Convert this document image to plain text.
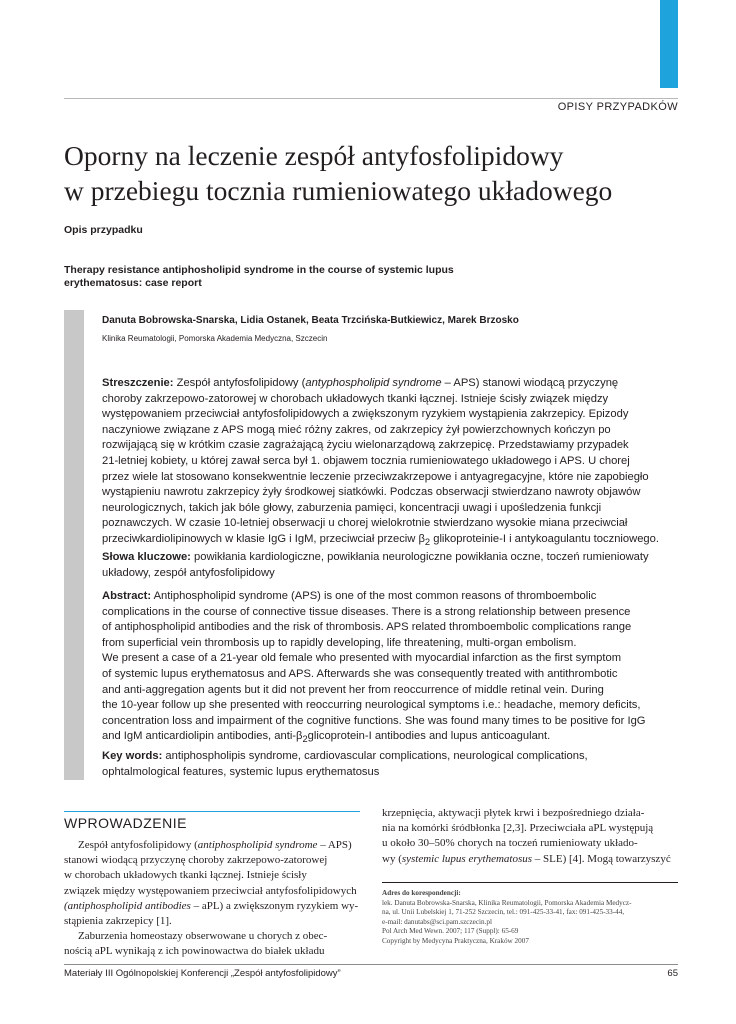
OPISY PRZYPADKÓW
Oporny na leczenie zespół antyfosfolipidowy
w przebiegu tocznia rumieniowatego układowego
Opis przypadku
Therapy resistance antiphosholipid syndrome in the course of systemic lupus
erythematosus: case report
Danuta Bobrowska-Snarska, Lidia Ostanek, Beata Trzcińska-Butkiewicz, Marek Brzosko
Klinika Reumatologii, Pomorska Akademia Medyczna, Szczecin
Streszczenie: Zespół antyfosfolipidowy (antyphospholipid syndrome – APS) stanowi wiodącą przyczynę
choroby zakrzepowo-zatorowej w chorobach układowych tkanki łącznej. Istnieje ścisły związek między
występowaniem przeciwciał antyfosfolipidowych a zwiększonym ryzykiem wystąpienia zakrzepicy. Epizody
naczyniowe związane z APS mogą mieć różny zakres, od zakrzepicy żył powierzchownych kończyn po
rozwijającą się w krótkim czasie zagrażającą życiu wielonarządową zakrzepicę. Przedstawiamy przypadek
21-letniej kobiety, u której zawał serca był 1. objawem tocznia rumieniowatego układowego i APS. U chorej
przez wiele lat stosowano konsekwentnie leczenie przeciwzakrzepowe i antyagregacyjne, które nie zapobiegło
wystąpieniu nawrotu zakrzepicy żyły środkowej siatkówki. Podczas obserwacji stwierdzano nawroty objawów
neurologicznych, takich jak bóle głowy, zaburzenia pamięci, koncentracji uwagi i upośledzenia funkcji
poznawczych. W czasie 10-letniej obserwacji u chorej wielokrotnie stwierdzano wysokie miana przeciwciał
przeciwkardiolipinowych w klasie IgG i IgM, przeciwciał przeciw $\beta_2$ glikoproteinie-I i antykoagulantu toczniowego.
Słowa kluczowe: powikłania kardiologiczne, powikłania neurologiczne powikłania oczne, toczeń rumieniowaty
układowy, zespół antyfosfolipidowy
Abstract: Antiphospholipid syndrome (APS) is one of the most common reasons of thromboembolic
complications in the course of connective tissue diseases. There is a strong relationship between presence
of antiphospholipid antibodies and the risk of thrombosis. APS related thromboembolic complications range
from superficial vein thrombosis up to rapidly developing, life threatening, multi-organ embolism.
We present a case of a 21-year old female who presented with myocardial infarction as the first symptom
of systemic lupus erythematosus and APS. Afterwards she was consequently treated with antithrombotic
and anti-aggregation agents but it did not prevent her from reoccurrence of middle retinal vein. During
the 10-year follow up she presented with reoccurring neurological symptoms i.e.: headache, memory deficits,
concentration loss and impairment of the cognitive functions. She was found many times to be positive for IgG
and IgM anticardiolipin antibodies, anti-$\beta_2glicoprotein-I$ antibodies and lupus anticoagulant.
Key words: antiphospholipis syndrome, cardiovascular complications, neurological complications,
ophtalmological features, systemic lupus erythematosus
WPROWADZENIE
Zespół antyfosfolipidowy (antiphospholipid syndrome – APS)
stanowi wiodącą przyczynę choroby zakrzepowo-zatorowej
w chorobach układowych tkanki łącznej. Istnieje ścisły
związek między występowaniem przeciwciał antyfosfolipidowych
(antiphospholipid antibodies – aPL) a zwiększonym ryzykiem wy-
stąpienia zakrzepicy [1].
Zaburzenia homeostazy obserwowane u chorych z obec-
nością aPL wynikają z ich powinowactwa do białek układu
krzepnięcia, aktywacji płytek krwi i bezpośredniego działa-
nia na komórki śródbłonka [2,3]. Przeciwciała aPL występują
u około 30–50% chorych na toczeń rumieniowaty układo-
wy (systemic lupus erythematosus – SLE) [4]. Mogą towarzyszyć
Adres do korespondencji:
lek. Danuta Bobrowska-Snarska, Klinika Reumatologii, Pomorska Akademia Medycz-
na, ul. Unii Lubelskiej 1, 71-252 Szczecin, tel.: 091-425-33-41, fax: 091-425-33-44,
e-mail: danutabs@sci.pam.szczecin.pl
Pol Arch Med Wewn. 2007; 117 (Suppl): 65-69
Copyright by Medycyna Praktyczna, Kraków 2007
Materiały III Ogólnopolskiej Konferencji „Zespół antyfosfolipidowy”	65
